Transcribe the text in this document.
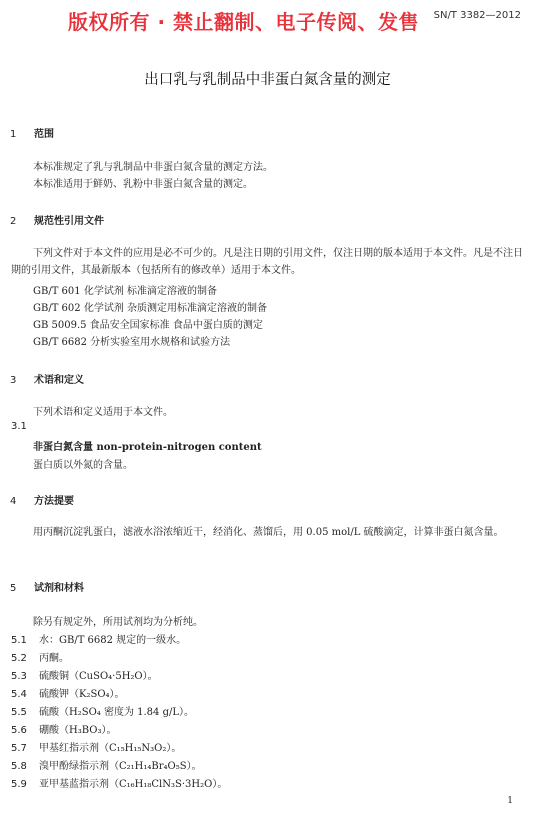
版权所有 · 禁止翻制、电子传阅、发售 SN/T 3382—2012
出口乳与乳制品中非蛋白氮含量的测定
1 范围
本标准规定了乳与乳制品中非蛋白氮含量的测定方法。
本标准适用于鲜奶、乳粉中非蛋白氮含量的测定。
2 规范性引用文件
下列文件对于本文件的应用是必不可少的。凡是注日期的引用文件，仅注日期的版本适用于本文件。凡是不注日期的引用文件，其最新版本（包括所有的修改单）适用于本文件。
GB/T 601 化学试剂 标准滴定溶液的制备
GB/T 602 化学试剂 杂质测定用标准滴定溶液的制备
GB 5009.5 食品安全国家标准 食品中蛋白质的测定
GB/T 6682 分析实验室用水规格和试验方法
3 术语和定义
下列术语和定义适用于本文件。
3.1
非蛋白氮含量 non-protein-nitrogen content
蛋白质以外氮的含量。
4 方法提要
用丙酮沉淀乳蛋白，滤液水浴浓缩近干，经消化、蒸馏后，用 0.05 mol/L 硫酸滴定，计算非蛋白氮含量。
5 试剂和材料
除另有规定外，所用试剂均为分析纯。
5.1 水：GB/T 6682 规定的一级水。
5.2 丙酮。
5.3 硫酸铜（CuSO₄·5H₂O）。
5.4 硫酸钾（K₂SO₄）。
5.5 硫酸（H₂SO₄ 密度为 1.84 g/L）。
5.6 硼酸（H₃BO₃）。
5.7 甲基红指示剂（C₁₅H₁₅N₃O₂）。
5.8 溴甲酚绿指示剂（C₂₁H₁₄Br₄O₅S）。
5.9 亚甲基蓝指示剂（C₁₆H₁₈ClN₃S·3H₂O）。
1
